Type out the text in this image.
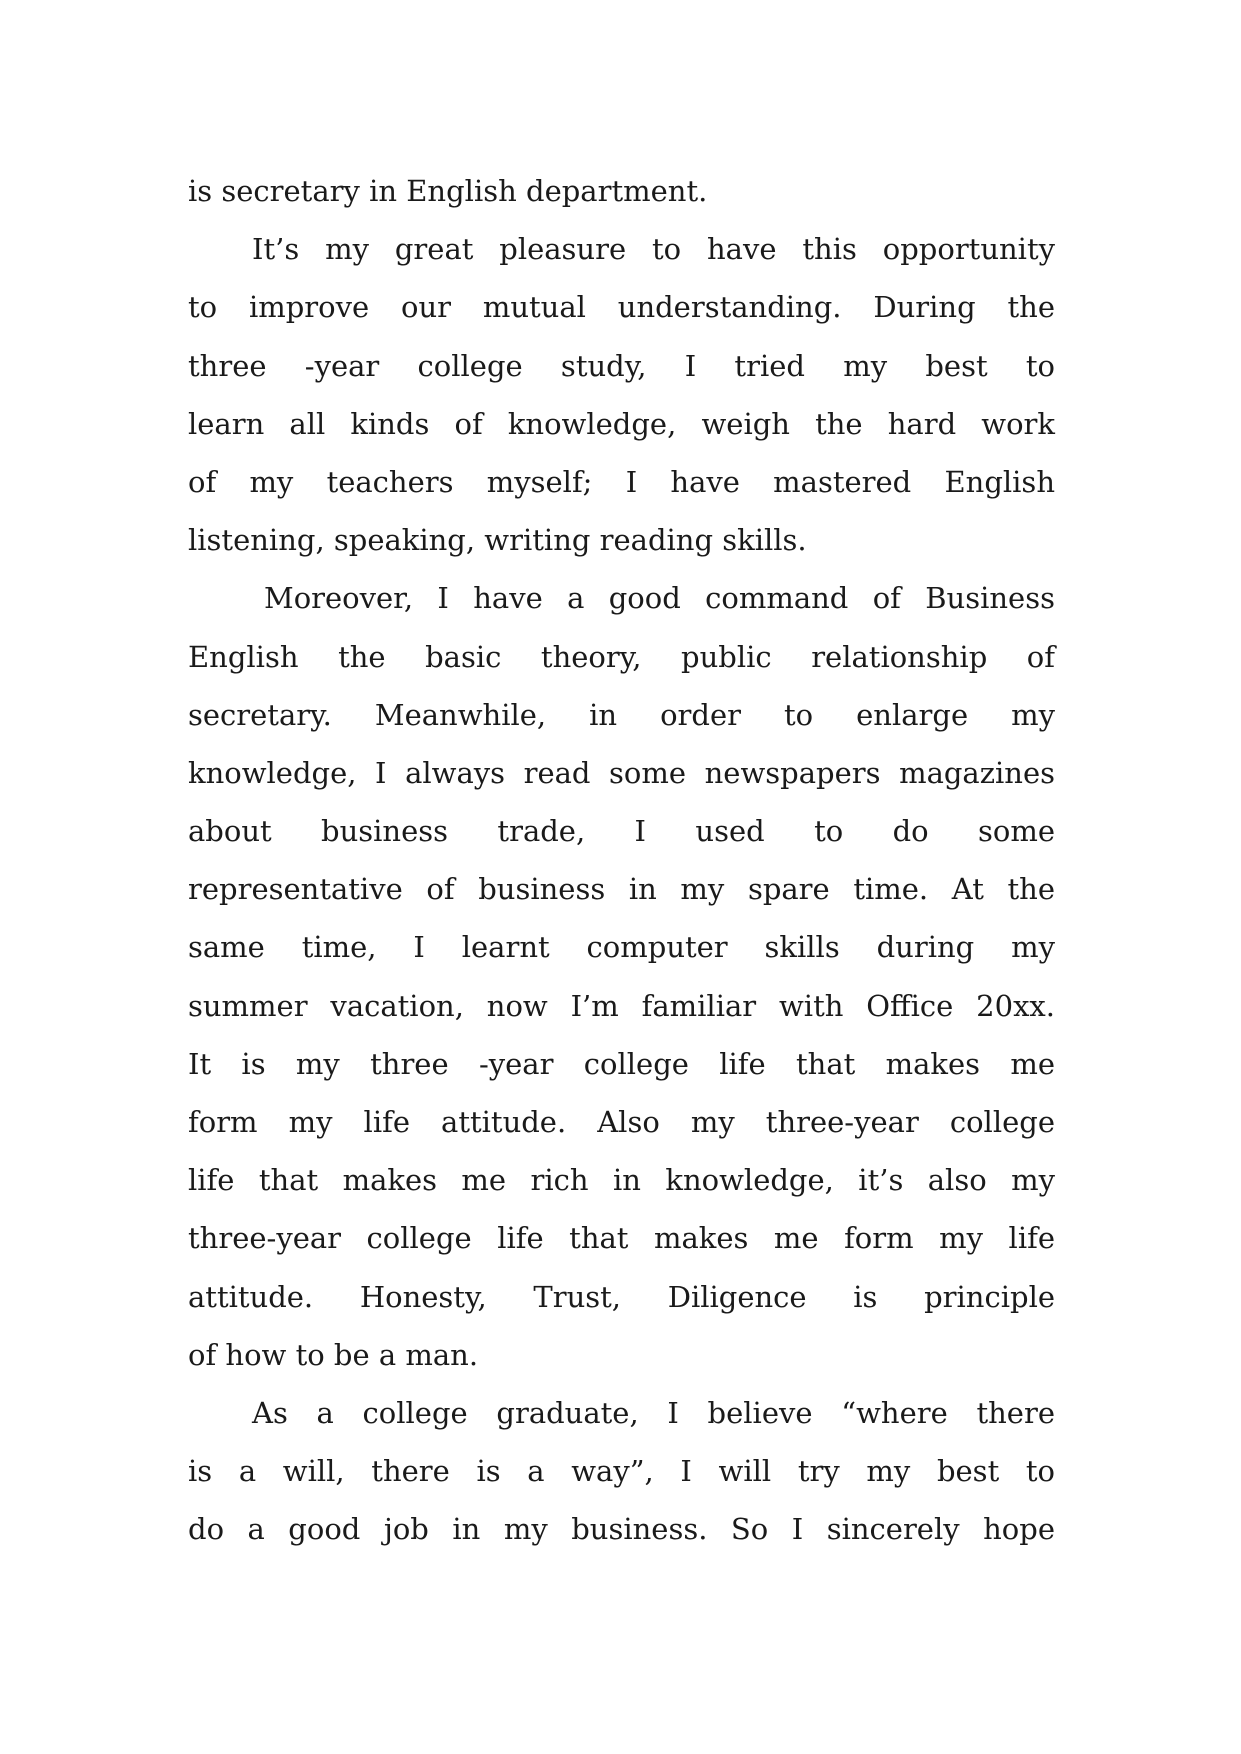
is secretary in English department.
It’s my great pleasure to have this opportunity
to improve our mutual understanding. During the
three -year college study, I tried my best to
learn all kinds of knowledge, weigh the hard work
of my teachers myself; I have mastered English
listening, speaking, writing reading skills.
Moreover, I have a good command of Business
English the basic theory, public relationship of
secretary. Meanwhile, in order to enlarge my
knowledge, I always read some newspapers magazines
about business trade, I used to do some
representative of business in my spare time. At the
same time, I learnt computer skills during my
summer vacation, now I’m familiar with Office 20xx.
It is my three -year college life that makes me
form my life attitude. Also my three-year college
life that makes me rich in knowledge, it’s also my
three-year college life that makes me form my life
attitude. Honesty, Trust, Diligence is principle
of how to be a man.
As a college graduate, I believe “where there
is a will, there is a way”, I will try my best to
do a good job in my business. So I sincerely hope
